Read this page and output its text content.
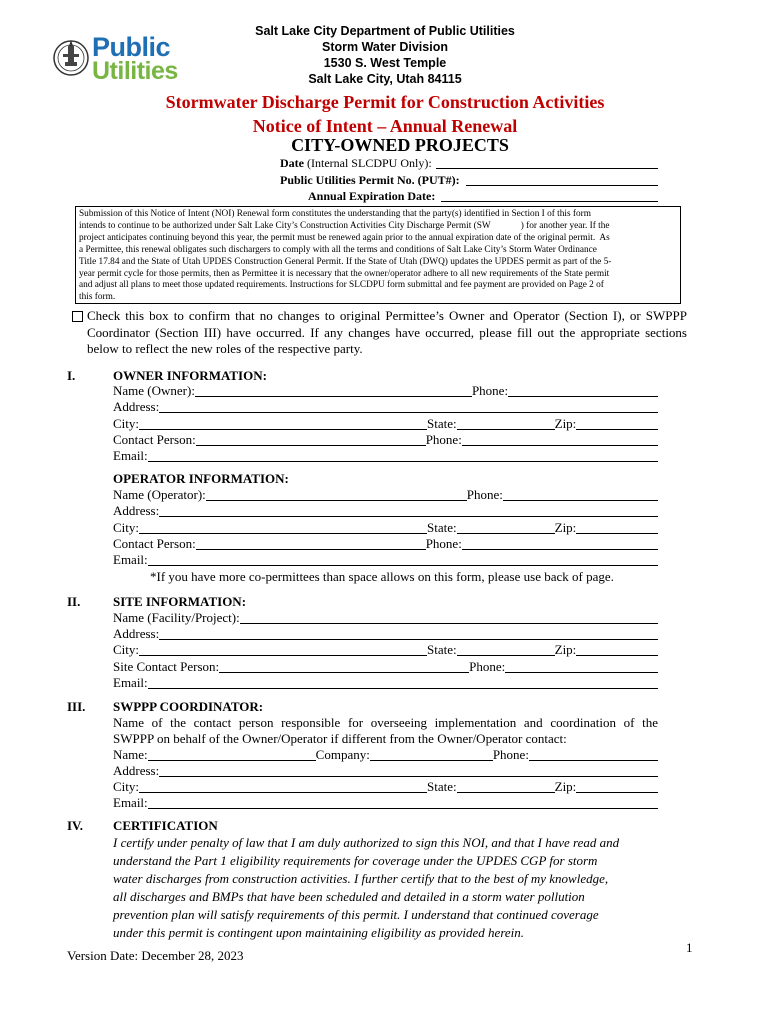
Public
Utilities
Salt Lake City Department of Public Utilities
Storm Water Division
1530 S. West Temple
Salt Lake City, Utah 84115
Stormwater Discharge Permit for Construction Activities
Notice of Intent – Annual Renewal
CITY-OWNED PROJECTS
Date (Internal SLCDPU Only):
Public Utilities Permit No. (PUT#):
Annual Expiration Date:
Submission of this Notice of Intent (NOI) Renewal form constitutes the understanding that the party(s) identified in Section I of this form
intends to continue to be authorized under Salt Lake City’s Construction Activities City Discharge Permit (SW             ) for another year. If the
project anticipates continuing beyond this year, the permit must be renewed again prior to the annual expiration date of the original permit.  As
a Permittee, this renewal obligates such dischargers to comply with all the terms and conditions of Salt Lake City’s Storm Water Ordinance
Title 17.84 and the State of Utah UPDES Construction General Permit. If the State of Utah (DWQ) updates the UPDES permit as part of the 5-
year permit cycle for those permits, then as Permittee it is necessary that the owner/operator adhere to all new requirements of the State permit
and adjust all plans to meet those updated requirements. Instructions for SLCDPU form submittal and fee payment are provided on Page 2 of
this form.
Check this box to confirm that no changes to original Permittee’s Owner and Operator (Section I), or SWPPP Coordinator (Section III) have occurred. If any changes have occurred, please fill out the appropriate sections below to reflect the new roles of the respective party.
I.	OWNER INFORMATION:
Name (Owner):	Phone:
Address:
City:	State:	Zip:
Contact Person:	Phone:
Email:
OPERATOR INFORMATION:
Name (Operator):	Phone:
Address:
City:	State:	Zip:
Contact Person:	Phone:
Email:
*If you have more co-permittees than space allows on this form, please use back of page.
II.	SITE INFORMATION:
Name (Facility/Project):
Address:
City:	State:	Zip:
Site Contact Person:	Phone:
Email:
III. SWPPP COORDINATOR:
Name of the contact person responsible for overseeing implementation and coordination of the
SWPPP on behalf of the Owner/Operator if different from the Owner/Operator contact:
Name:	Company:	Phone:
Address:
City:	State:	Zip:
Email:
IV. CERTIFICATION
I certify under penalty of law that I am duly authorized to sign this NOI, and that I have read and
understand the Part 1 eligibility requirements for coverage under the UPDES CGP for storm
water discharges from construction activities. I further certify that to the best of my knowledge,
all discharges and BMPs that have been scheduled and detailed in a storm water pollution
prevention plan will satisfy requirements of this permit. I understand that continued coverage
under this permit is contingent upon maintaining eligibility as provided herein.
Version Date: December 28, 2023
1
